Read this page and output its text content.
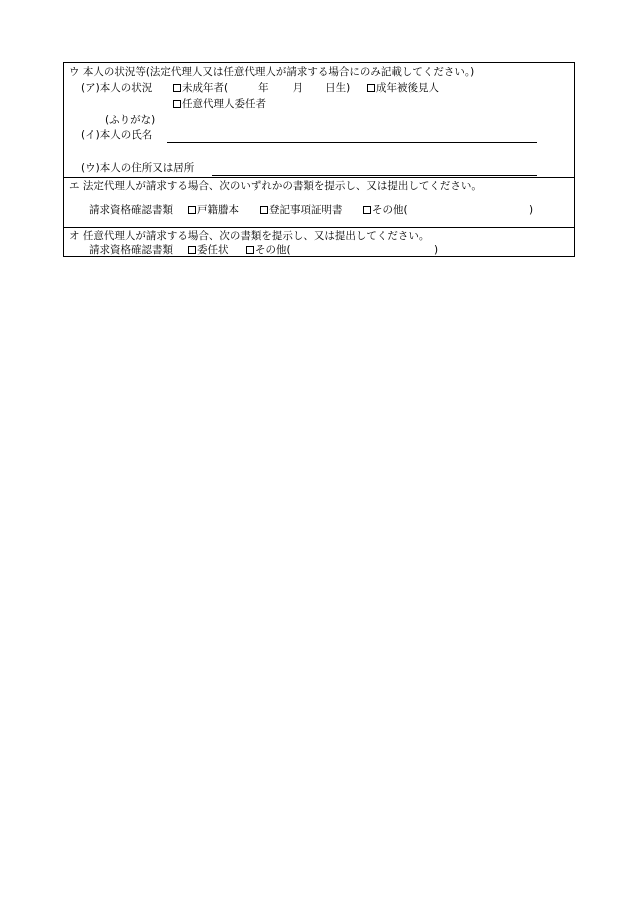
ウ 本人の状況等(法定代理人又は任意代理人が請求する場合にのみ記載してください。)
(ア)本人の状況	未成年者(	年 月 日生)	成年被後見人
任意代理人委任者
(ふりがな)
(イ)本人の氏名
(ウ)本人の住所又は居所
エ 法定代理人が請求する場合、次のいずれかの書類を提示し、又は提出してください。
請求資格確認書類	戸籍謄本	登記事項証明書	その他(	)
オ 任意代理人が請求する場合、次の書類を提示し、又は提出してください。
請求資格確認書類	委任状	その他(	)
